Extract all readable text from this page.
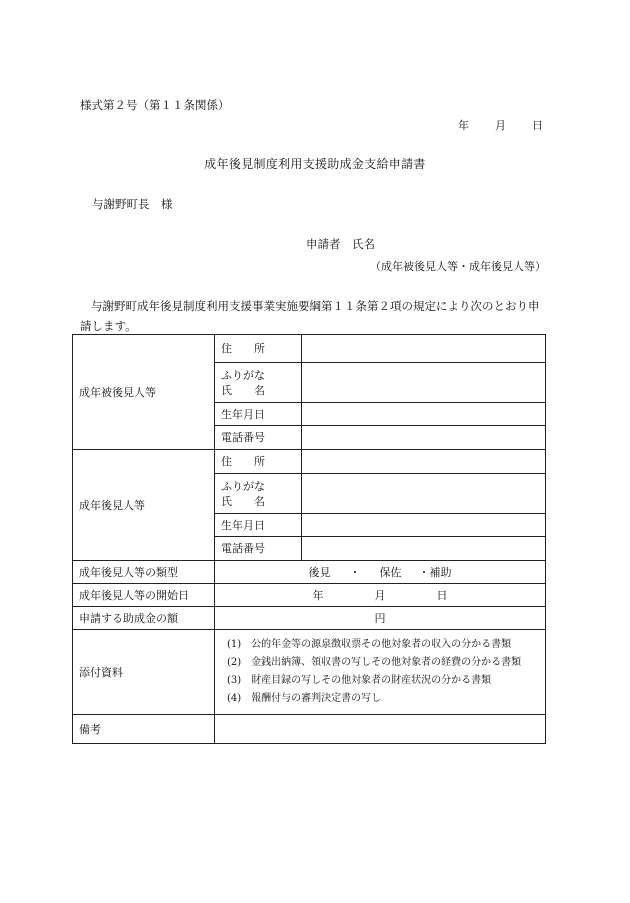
様式第２号（第１１条関係）
年 月 日
成年後見制度利用支援助成金支給申請書
与謝野町長　様
申請者　氏名
（成年被後見人等・成年後見人等）
与謝野町成年後見制度利用支援事業実施要綱第１１条第２項の規定により次のとおり申請します。
成年被後見人等	住　　所	

	ふりがな
氏　　名	

	生年月日	
	電話番号	
成年後見人等	住　　所	

	ふりがな
氏　　名	

	生年月日	
	電話番号	
成年後見人等の類型	後見 ・ 保佐 ・補助	
成年後見人等の開始日	年 月 日	
申請する助成金の額	円	
添付資料	(1)　公的年金等の源泉徴収票その他対象者の収入の分かる書類
(2)　金銭出納簿、領収書の写しその他対象者の経費の分かる書類
(3)　財産目録の写しその他対象者の財産状況の分かる書類
(4)　報酬付与の審判決定書の写し	

備考		
